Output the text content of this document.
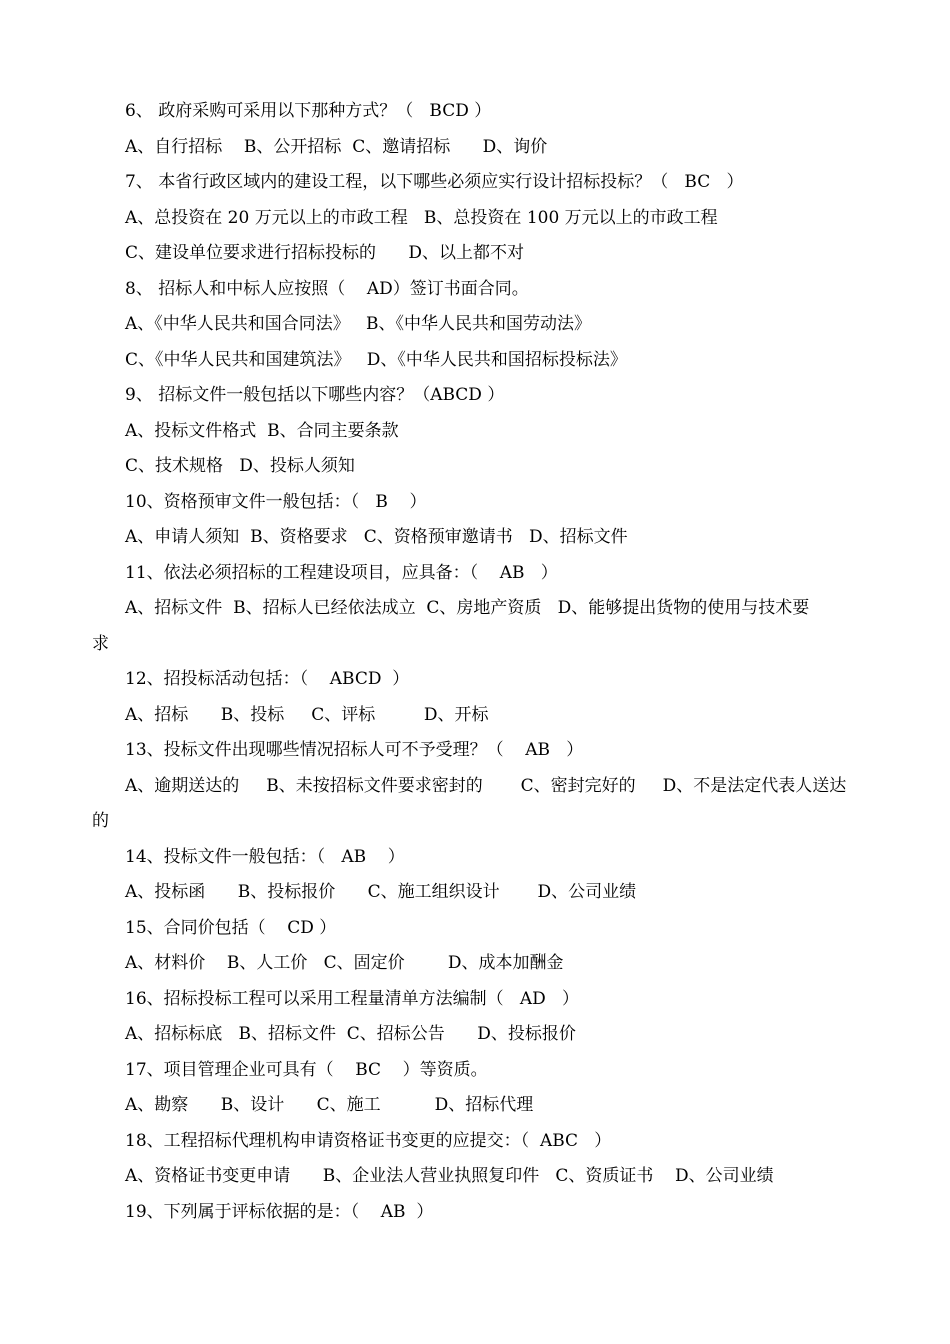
6、 政府采购可采用以下那种方式？（   BCD ）
A、自行招标    B、公开招标  C、邀请招标      D、询价
7、 本省行政区域内的建设工程，以下哪些必须应实行设计招标投标？（   BC   ）
A、总投资在 20 万元以上的市政工程   B、总投资在 100 万元以上的市政工程
C、建设单位要求进行招标投标的      D、以上都不对
8、 招标人和中标人应按照（    AD）签订书面合同。
A、《中华人民共和国合同法》   B、《中华人民共和国劳动法》
C、《中华人民共和国建筑法》   D、《中华人民共和国招标投标法》
9、 招标文件一般包括以下哪些内容？（ABCD ）
A、投标文件格式  B、合同主要条款
C、技术规格   D、投标人须知
10、资格预审文件一般包括：（   B    ）
A、申请人须知  B、资格要求   C、资格预审邀请书   D、招标文件
11、依法必须招标的工程建设项目，应具备：（    AB   ）
A、招标文件  B、招标人已经依法成立  C、房地产资质   D、能够提出货物的使用与技术要
求
12、招投标活动包括：（    ABCD  ）
A、招标      B、投标     C、评标         D、开标
13、投标文件出现哪些情况招标人可不予受理？（    AB   ）
A、逾期送达的     B、未按招标文件要求密封的       C、密封完好的     D、不是法定代表人送达
的
14、投标文件一般包括：（   AB    ）
A、投标函      B、投标报价      C、施工组织设计       D、公司业绩
15、合同价包括（    CD ）
A、材料价    B、人工价   C、固定价        D、成本加酬金
16、招标投标工程可以采用工程量清单方法编制（   AD   ）
A、招标标底   B、招标文件  C、招标公告      D、投标报价
17、项目管理企业可具有（    BC    ）等资质。
A、勘察      B、设计      C、施工          D、招标代理
18、工程招标代理机构申请资格证书变更的应提交：（  ABC   ）
A、资格证书变更申请      B、企业法人营业执照复印件   C、资质证书    D、公司业绩
19、下列属于评标依据的是：（    AB  ）
